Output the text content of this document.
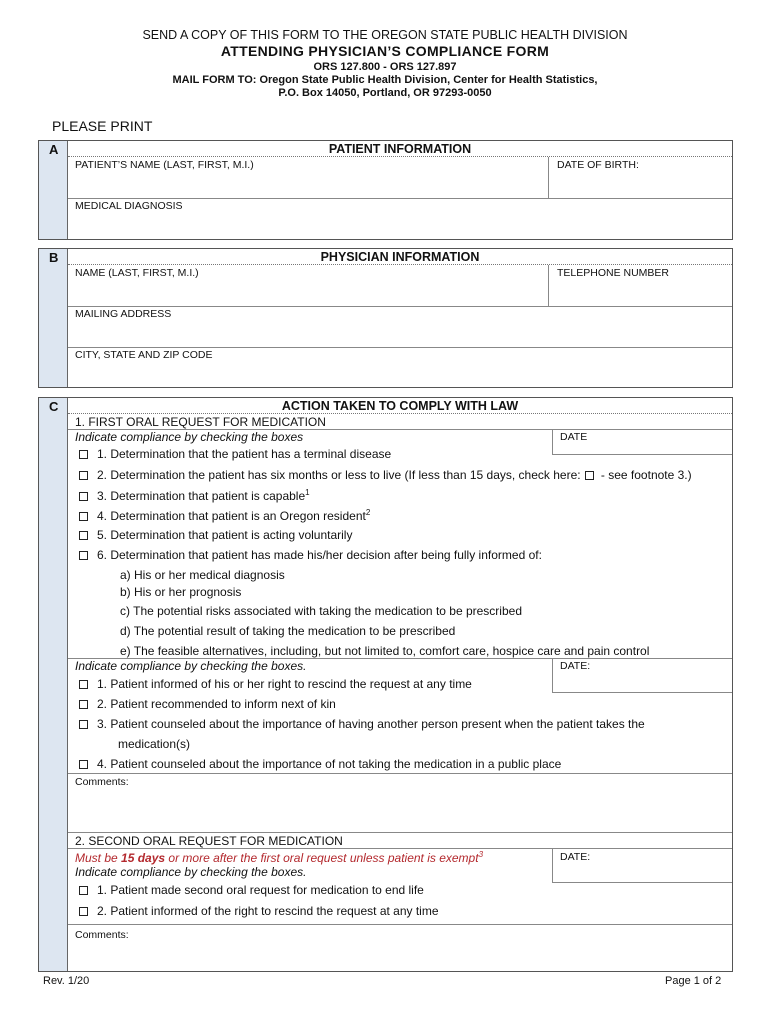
SEND A COPY OF THIS FORM TO THE OREGON STATE PUBLIC HEALTH DIVISION
ATTENDING PHYSICIAN’S COMPLIANCE FORM
ORS 127.800 - ORS 127.897
MAIL FORM TO: Oregon State Public Health Division, Center for Health Statistics,
P.O. Box 14050, Portland, OR 97293-0050
PLEASE PRINT
A	PATIENT INFORMATION
PATIENT’S NAME (LAST, FIRST, M.I.)	DATE OF BIRTH:
MEDICAL DIAGNOSIS
B	PHYSICIAN INFORMATION
NAME (LAST, FIRST, M.I.)	TELEPHONE NUMBER
MAILING ADDRESS
CITY, STATE AND ZIP CODE
C	ACTION TAKEN TO COMPLY WITH LAW
1. FIRST ORAL REQUEST FOR MEDICATION
Indicate compliance by checking the boxes	DATE
1. Determination that the patient has a terminal disease
2. Determination the patient has six months or less to live (If less than 15 days, check here: - see footnote 3.)
3. Determination that patient is capable$^1$
4. Determination that patient is an Oregon resident$^2$
5. Determination that patient is acting voluntarily
6. Determination that patient has made his/her decision after being fully informed of:
a) His or her medical diagnosis
b) His or her prognosis
c) The potential risks associated with taking the medication to be prescribed
d) The potential result of taking the medication to be prescribed
e) The feasible alternatives, including, but not limited to, comfort care, hospice care and pain control
Indicate compliance by checking the boxes.	DATE:
1. Patient informed of his or her right to rescind the request at any time
2. Patient recommended to inform next of kin
3. Patient counseled about the importance of having another person present when the patient takes the
medication(s)
4. Patient counseled about the importance of not taking the medication in a public place
Comments:
2. SECOND ORAL REQUEST FOR MEDICATION
Must be 15 days or more after the first oral request unless patient is exempt$^3$
Indicate compliance by checking the boxes.
DATE:
1. Patient made second oral request for medication to end life
2. Patient informed of the right to rescind the request at any time
Comments:
Rev. 1/20	Page 1 of 2
